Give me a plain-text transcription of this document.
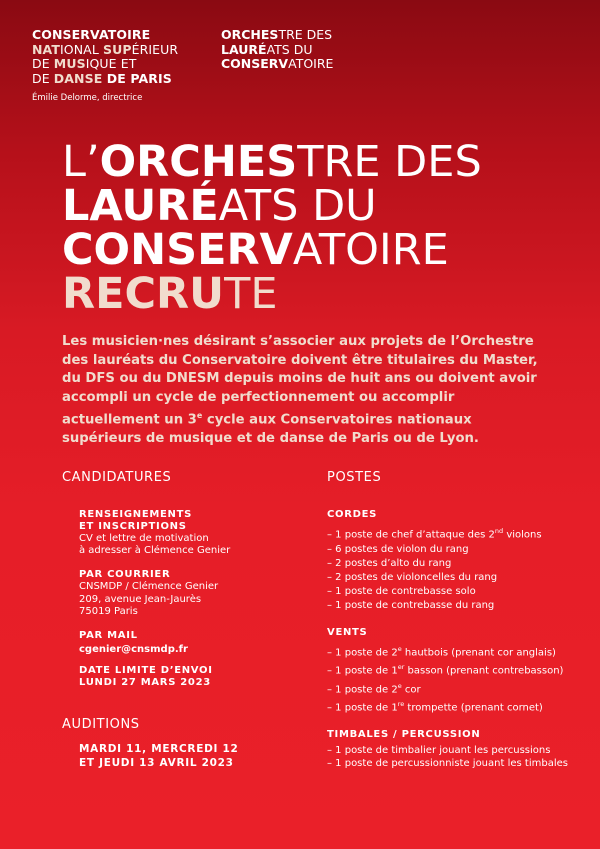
CONSERVATOIRE
NATIONAL SUPÉRIEUR
DE MUSIQUE ET
DE DANSE DE PARIS
Émilie Delorme, directrice
ORCHESTRE DES
LAURÉATS DU
CONSERVATOIRE
L’ORCHESTRE DES
LAURÉATS DU
CONSERVATOIRE
RECRUTE
Les musicien·nes désirant s’associer aux projets de l’Orchestre des lauréats du Conservatoire doivent être titulaires du Master, du DFS ou du DNESM depuis moins de huit ans ou doivent avoir accompli un cycle de perfectionnement ou accomplir actuellement un 3e cycle aux Conservatoires nationaux supérieurs de musique et de danse de Paris ou de Lyon.
CANDIDATURES
RENSEIGNEMENTS
ET INSCRIPTIONS
CV et lettre de motivation
à adresser à Clémence Genier
PAR COURRIER
CNSMDP / Clémence Genier
209, avenue Jean-Jaurès
75019 Paris
PAR MAIL
cgenier@cnsmdp.fr
DATE LIMITE D’ENVOI
LUNDI 27 MARS 2023
AUDITIONS
MARDI 11, MERCREDI 12
ET JEUDI 13 AVRIL 2023
POSTES
CORDES
– 1 poste de chef d’attaque des 2nd violons
– 6 postes de violon du rang
– 2 postes d’alto du rang
– 2 postes de violoncelles du rang
– 1 poste de contrebasse solo
– 1 poste de contrebasse du rang
VENTS
– 1 poste de 2e hautbois (prenant cor anglais)
– 1 poste de 1er basson (prenant contrebasson)
– 1 poste de 2e cor
– 1 poste de 1re trompette (prenant cornet)
TIMBALES / PERCUSSION
– 1 poste de timbalier jouant les percussions
– 1 poste de percussionniste jouant les timbales
